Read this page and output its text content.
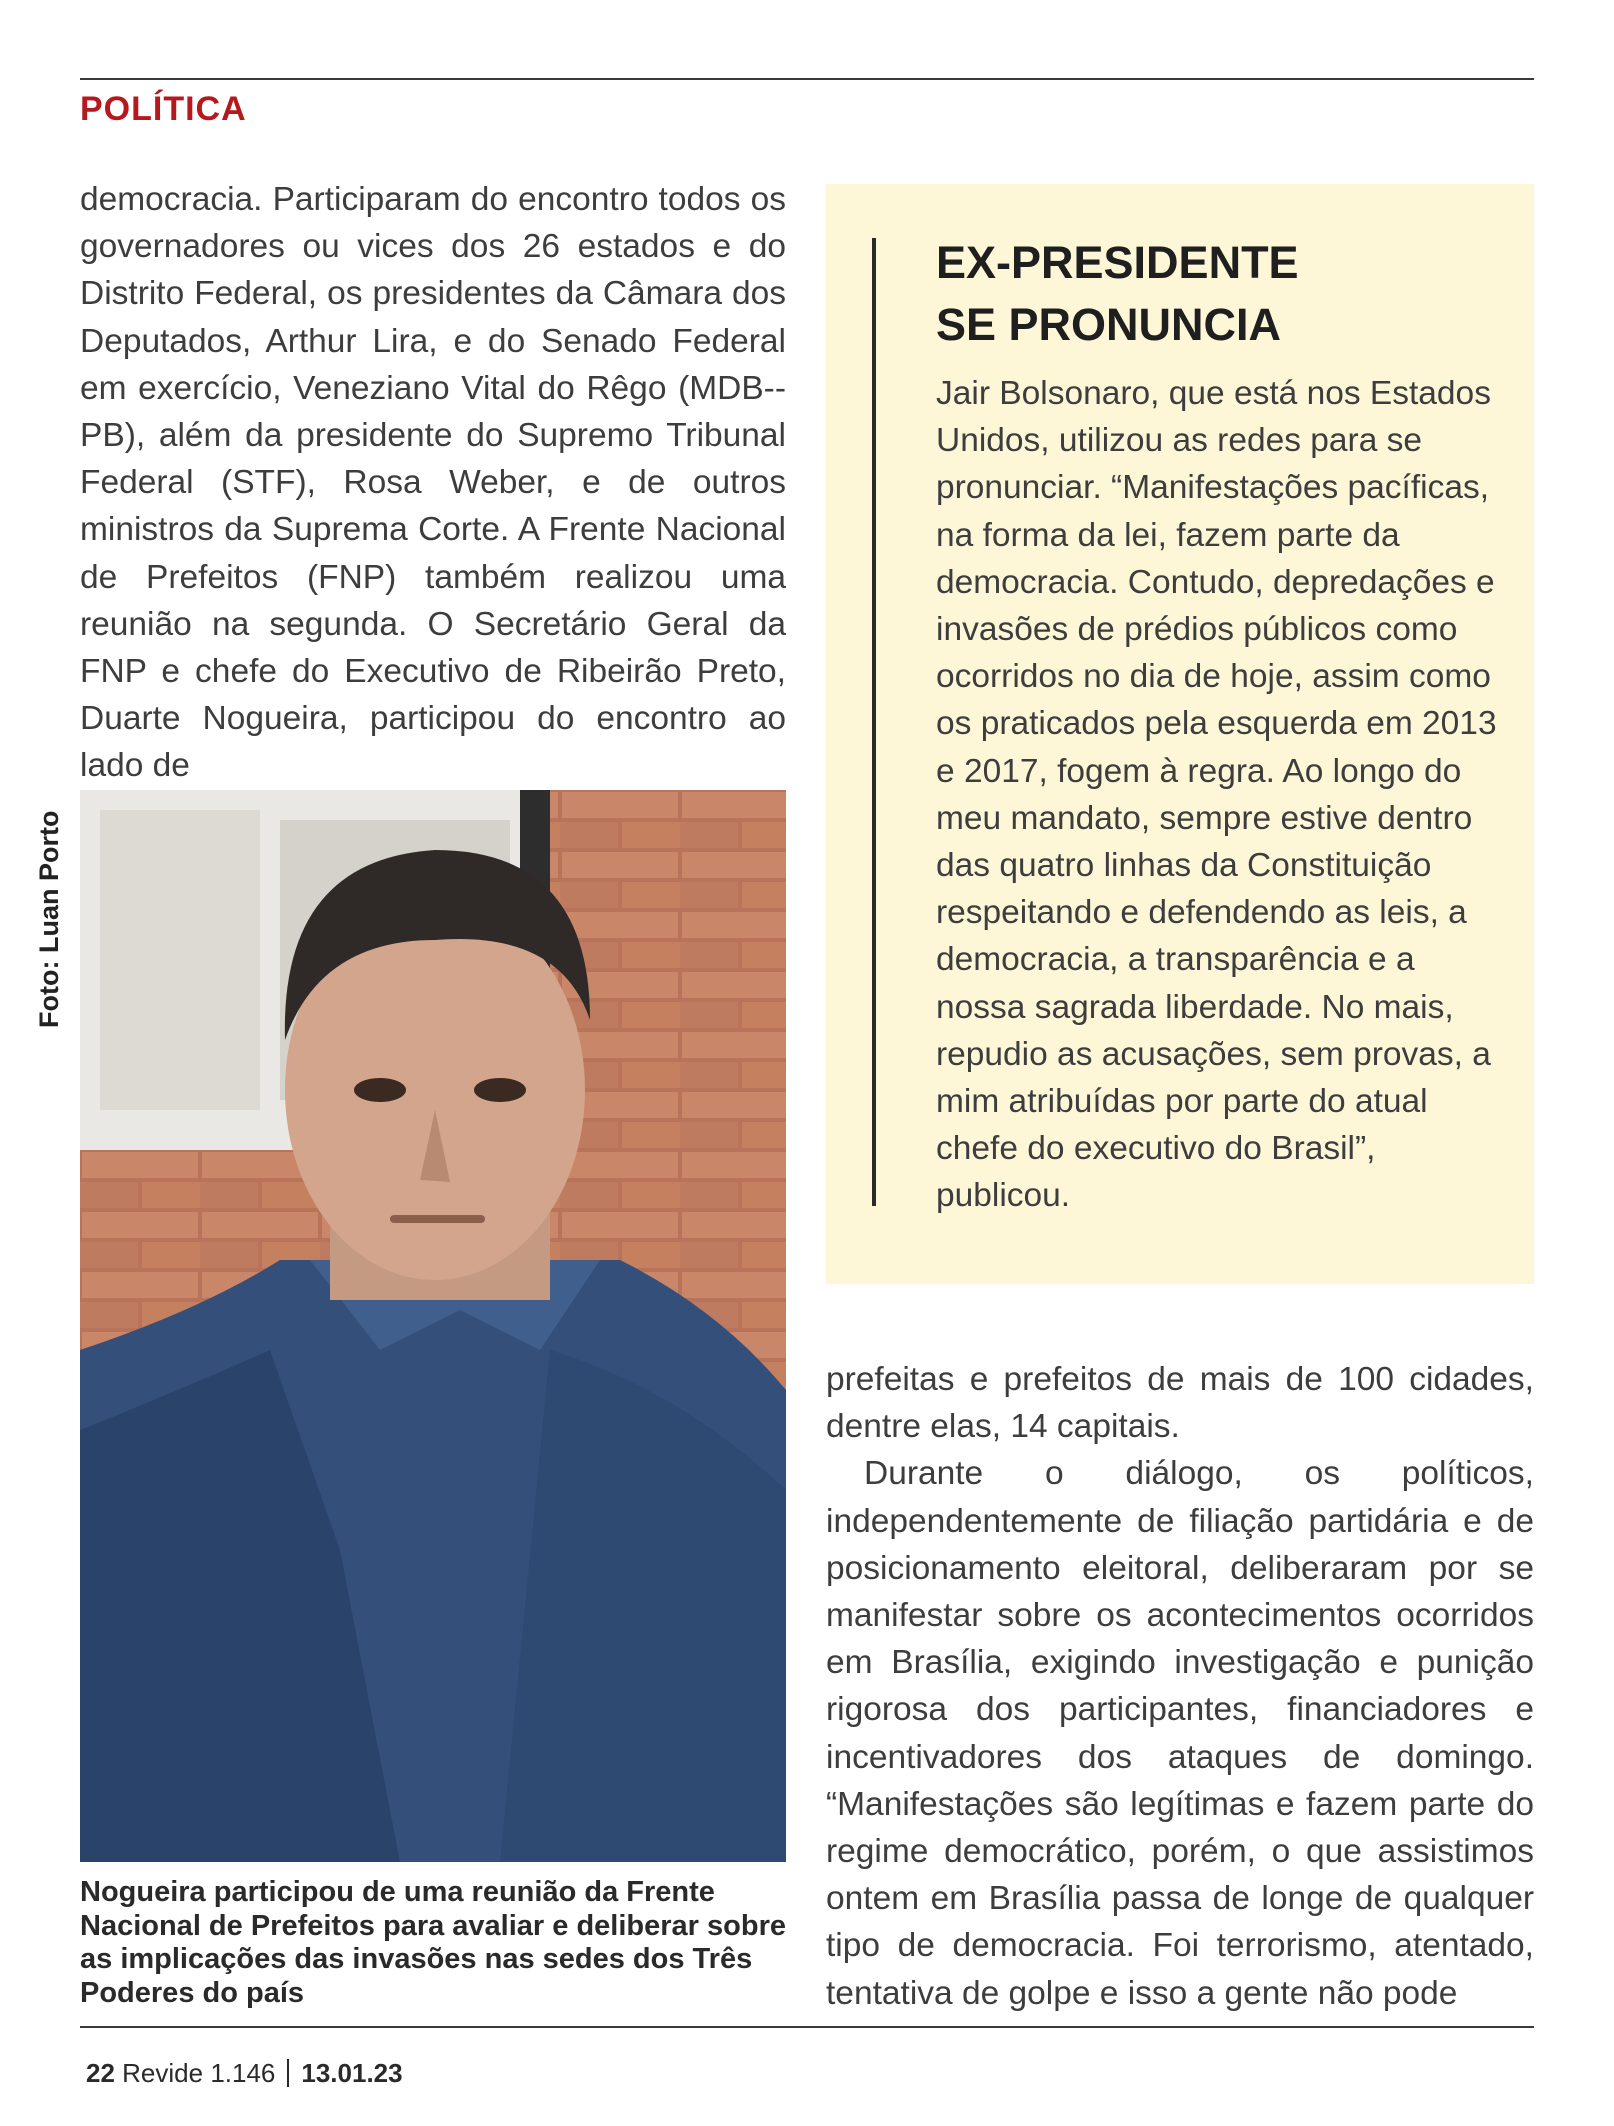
POLÍTICA

democracia. Participaram do encontro todos os governadores ou vices dos 26 estados e do Distrito Federal, os presidentes da Câmara dos Deputados, Arthur Lira, e do Senado Federal em exercício, Veneziano Vital do Rêgo (MDB--PB), além da presidente do Supremo Tribunal Federal (STF), Rosa Weber, e de outros ministros da Suprema Corte. A Frente Nacional de Prefeitos (FNP) também realizou uma reunião na segunda. O Secretário Geral da FNP e chefe do Executivo de Ribeirão Preto, Duarte Nogueira, participou do encontro ao lado de

Foto: Luan Porto

Nogueira participou de uma reunião da Frente Nacional de Prefeitos para avaliar e deliberar sobre as implicações das invasões nas sedes dos Três Poderes do país

EX-PRESIDENTE
SE PRONUNCIA

Jair Bolsonaro, que está nos Estados Unidos, utilizou as redes para se pronunciar. “Manifestações pacíficas, na forma da lei, fazem parte da democracia. Contudo, depredações e invasões de prédios públicos como ocorridos no dia de hoje, assim como os praticados pela esquerda em 2013 e 2017, fogem à regra. Ao longo do meu mandato, sempre estive dentro das quatro linhas da Constituição respeitando e defendendo as leis, a democracia, a transparência e a nossa sagrada liberdade. No mais, repudio as acusações, sem provas, a mim atribuídas por parte do atual chefe do executivo do Brasil”, publicou.

prefeitas e prefeitos de mais de 100 cidades, dentre elas, 14 capitais.

Durante o diálogo, os políticos, independentemente de filiação partidária e de posicionamento eleitoral, deliberaram por se manifestar sobre os acontecimentos ocorridos em Brasília, exigindo investigação e punição rigorosa dos participantes, financiadores e incentivadores dos ataques de domingo. “Manifestações são legítimas e fazem parte do regime democrático, porém, o que assistimos ontem em Brasília passa de longe de qualquer tipo de democracia. Foi terrorismo, atentado, tentativa de golpe e isso a gente não pode

22 Revide 1.146 13.01.23
